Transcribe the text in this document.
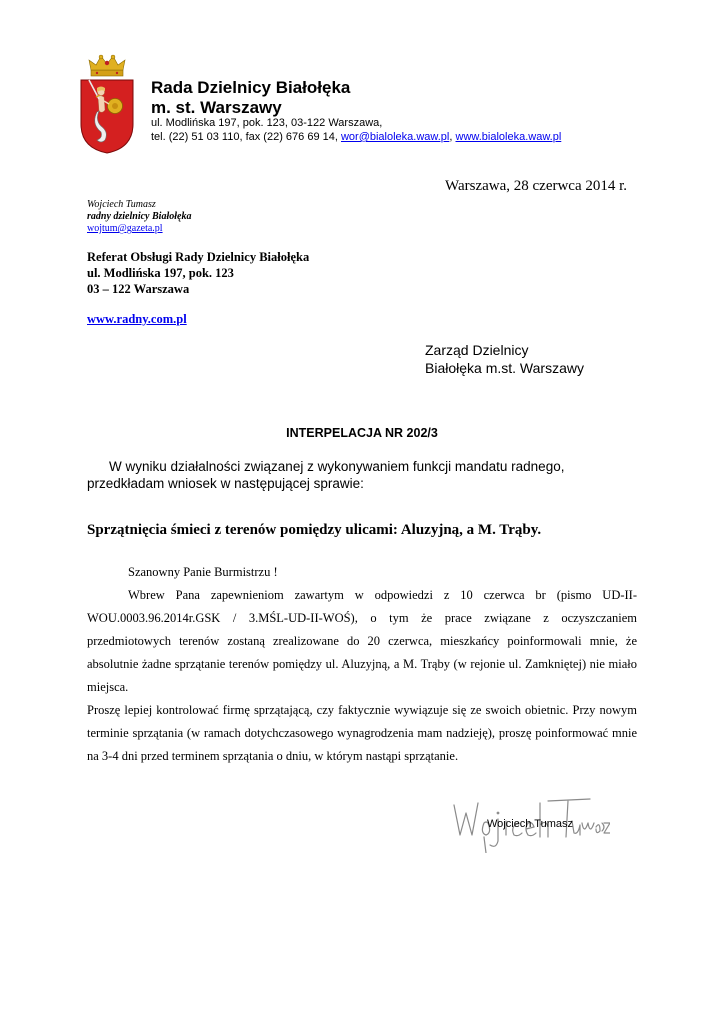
Rada Dzielnicy Białołęka
m. st. Warszawy
ul. Modlińska 197, pok. 123, 03-122 Warszawa,
tel. (22) 51 03 110, fax (22) 676 69 14, wor@bialoleka.waw.pl, www.bialoleka.waw.pl
Warszawa, 28 czerwca 2014 r.
Wojciech Tumasz
radny dzielnicy Białołęka
wojtum@gazeta.pl
Referat Obsługi Rady Dzielnicy Białołęka
ul. Modlińska 197, pok. 123
03 – 122 Warszawa
www.radny.com.pl
Zarząd Dzielnicy
Białołęka m.st. Warszawy
INTERPELACJA NR 202/3
W wyniku działalności związanej z wykonywaniem funkcji mandatu radnego,
przedkładam wniosek w następującej sprawie:
Sprzątnięcia śmieci z terenów pomiędzy ulicami: Aluzyjną, a M. Trąby.
Szanowny Panie Burmistrzu !

Wbrew Pana zapewnieniom zawartym w odpowiedzi z 10 czerwca br (pismo UD-II-WOU.0003.96.2014r.GSK / 3.MŚL-UD-II-WOŚ), o tym że prace związane z oczyszczaniem przedmiotowych terenów zostaną zrealizowane do 20 czerwca, mieszkańcy poinformowali mnie, że absolutnie żadne sprzątanie terenów pomiędzy ul. Aluzyjną, a M. Trąby (w rejonie ul. Zamkniętej) nie miało miejsca.

Proszę lepiej kontrolować firmę sprzątającą, czy faktycznie wywiązuje się ze swoich obietnic. Przy nowym terminie sprzątania (w ramach dotychczasowego wynagrodzenia mam nadzieję), proszę poinformować mnie na 3-4 dni przed terminem sprzątania o dniu, w którym nastąpi sprzątanie.

Wojciech Tumasz
